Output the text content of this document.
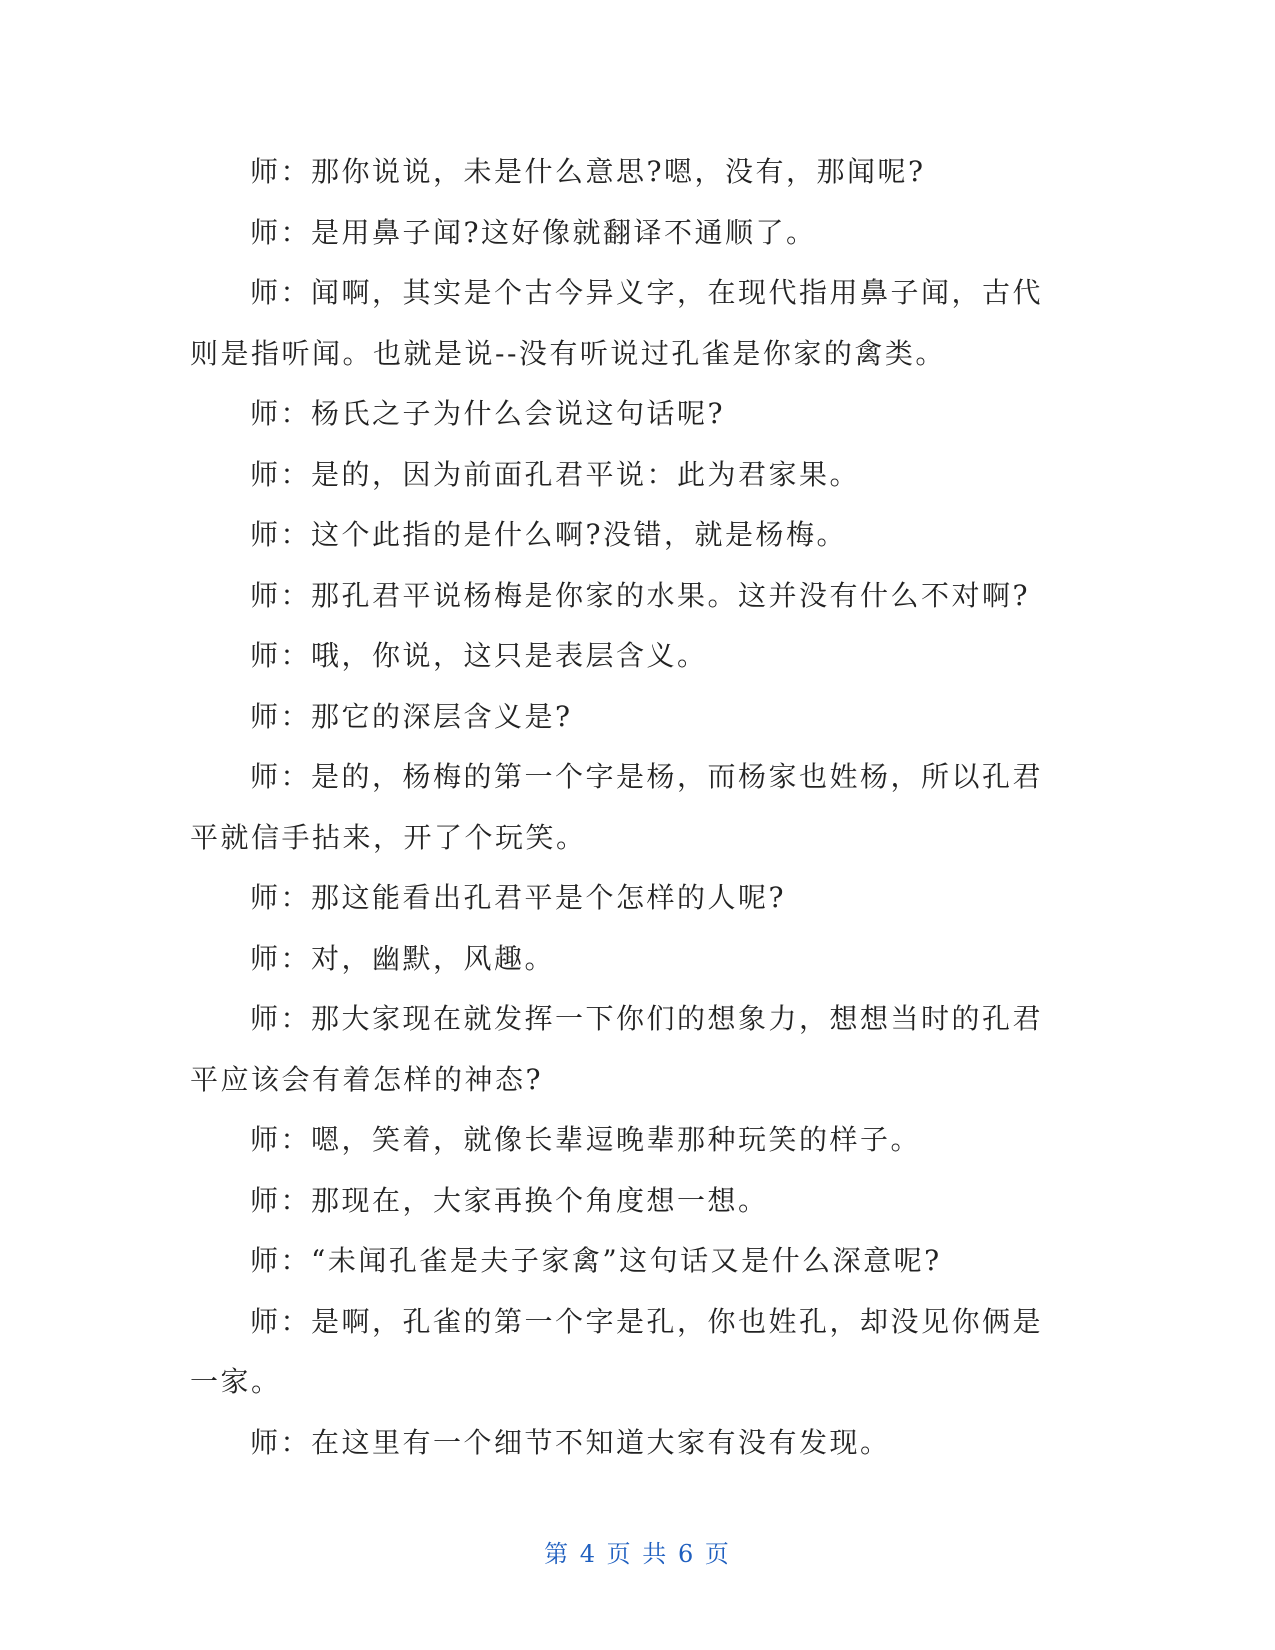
师：那你说说，未是什么意思?嗯，没有，那闻呢?

师：是用鼻子闻?这好像就翻译不通顺了。

师：闻啊，其实是个古今异义字，在现代指用鼻子闻，古代则是指听闻。也就是说--没有听说过孔雀是你家的禽类。

师：杨氏之子为什么会说这句话呢?

师：是的，因为前面孔君平说：此为君家果。

师：这个此指的是什么啊?没错，就是杨梅。

师：那孔君平说杨梅是你家的水果。这并没有什么不对啊?

师：哦，你说，这只是表层含义。

师：那它的深层含义是?

师：是的，杨梅的第一个字是杨，而杨家也姓杨，所以孔君平就信手拈来，开了个玩笑。

师：那这能看出孔君平是个怎样的人呢?

师：对，幽默，风趣。

师：那大家现在就发挥一下你们的想象力，想想当时的孔君平应该会有着怎样的神态?

师：嗯，笑着，就像长辈逗晚辈那种玩笑的样子。

师：那现在，大家再换个角度想一想。

师：“未闻孔雀是夫子家禽”这句话又是什么深意呢?

师：是啊，孔雀的第一个字是孔，你也姓孔，却没见你俩是一家。

师：在这里有一个细节不知道大家有没有发现。

第 4 页 共 6 页
